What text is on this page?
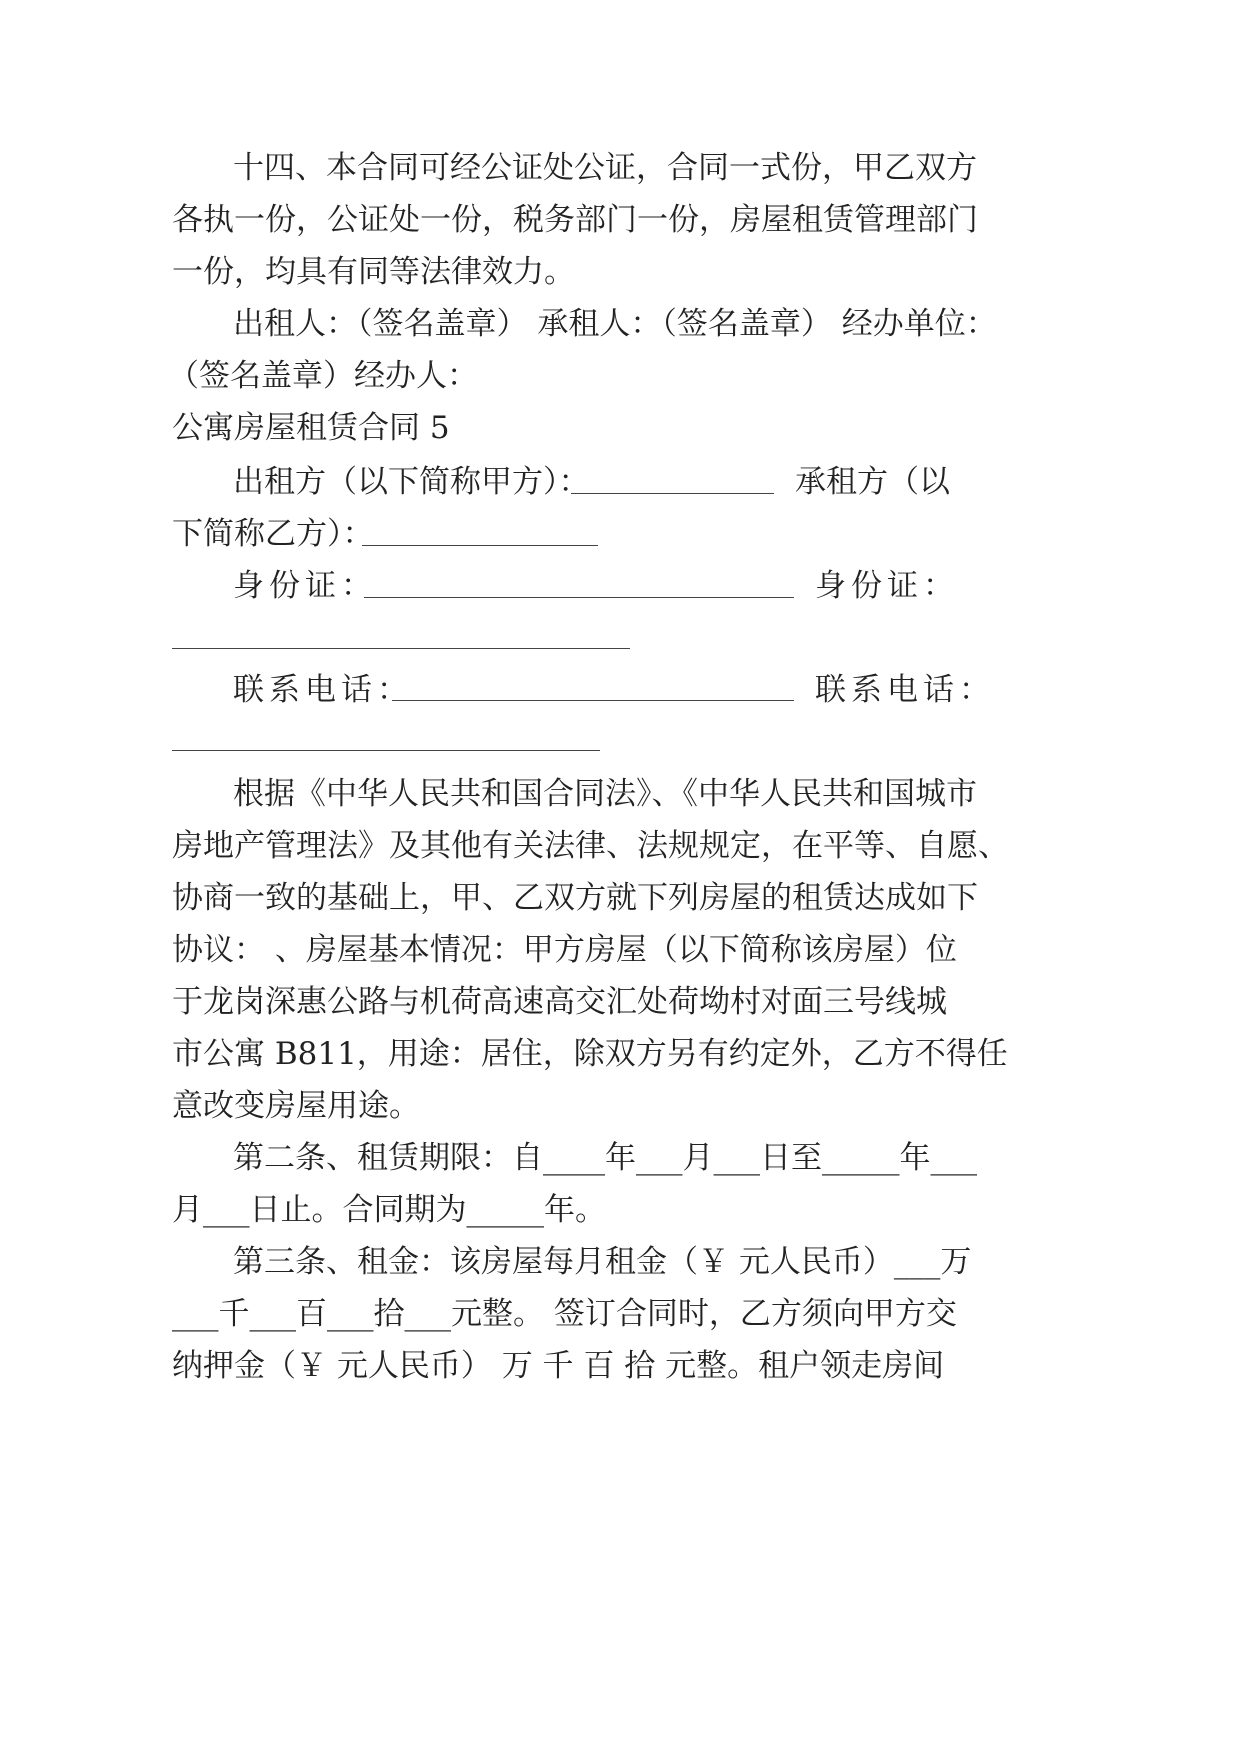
十四、本合同可经公证处公证，合同一式份，甲乙双方
各执一份，公证处一份，税务部门一份，房屋租赁管理部门
一份，均具有同等法律效力。
出租人：（签名盖章） 承租人：（签名盖章） 经办单位：
（签名盖章）经办人：
公寓房屋租赁合同 5
出租方（以下简称甲方）：	承租方（以
下简称乙方）：
身份证：	身份证：
联系电话：	联系电话：
根据《中华人民共和国合同法》、《中华人民共和国城市
房地产管理法》及其他有关法律、法规规定，在平等、自愿、
协商一致的基础上，甲、乙双方就下列房屋的租赁达成如下
协议： 、房屋基本情况：甲方房屋（以下简称该房屋）位
于龙岗深惠公路与机荷高速高交汇处荷坳村对面三号线城
市公寓 B811，用途：居住，除双方另有约定外，乙方不得任
意改变房屋用途。
第二条、租赁期限：自____年___月___日至_____年___
月___日止。合同期为_____年。
第三条、租金：该房屋每月租金（￥ 元人民币）___万
___千___百___拾___元整。 签订合同时，乙方须向甲方交
纳押金（￥ 元人民币） 万 千 百 拾 元整。租户领走房间
